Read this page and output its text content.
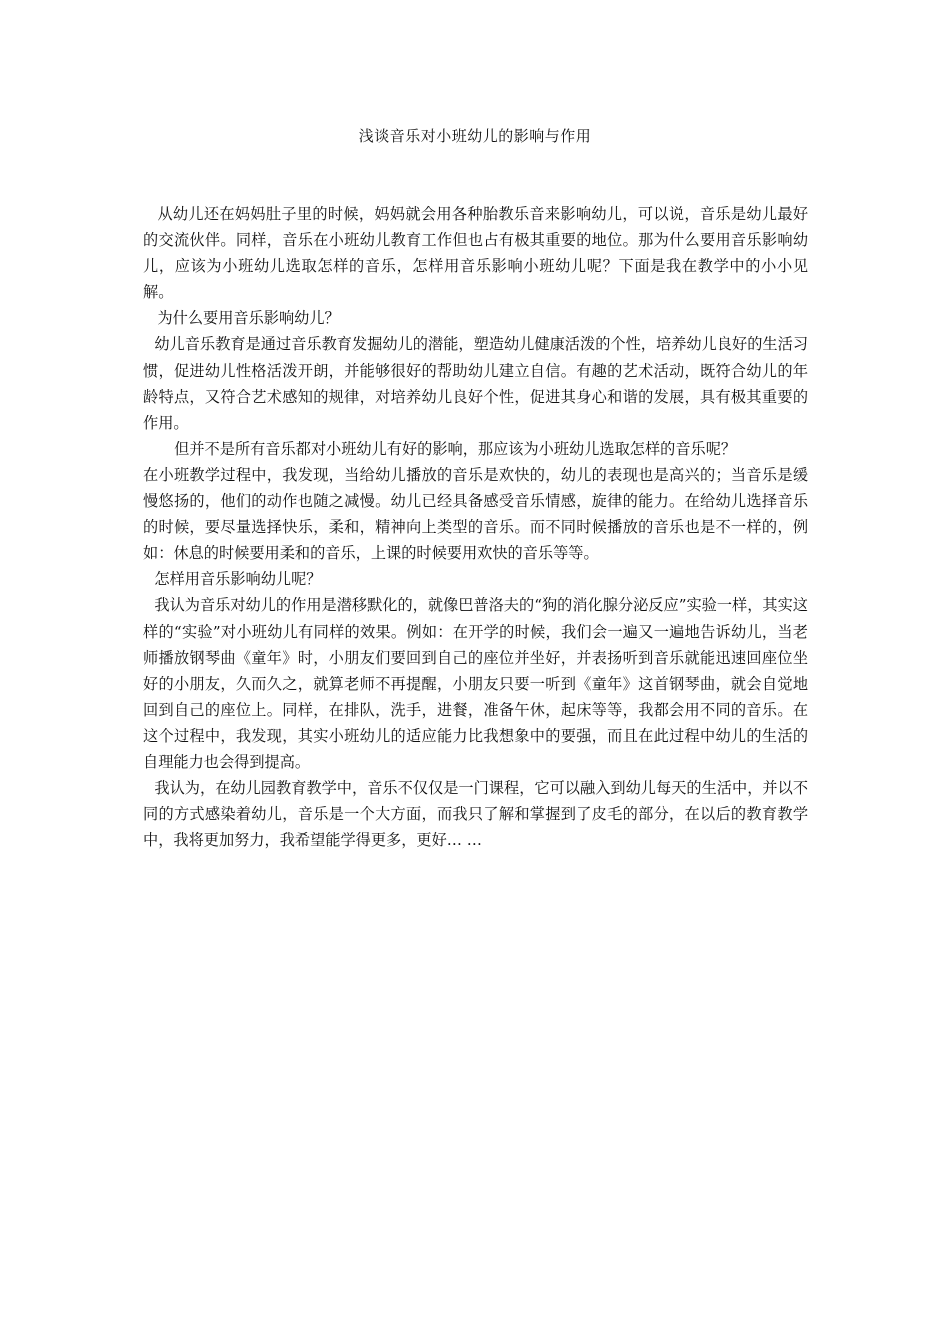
浅谈音乐对小班幼儿的影响与作用

从幼儿还在妈妈肚子里的时候，妈妈就会用各种胎教乐音来影响幼儿，可以说，音乐是幼儿最好的交流伙伴。同样，音乐在小班幼儿教育工作但也占有极其重要的地位。那为什么要用音乐影响幼儿，应该为小班幼儿选取怎样的音乐，怎样用音乐影响小班幼儿呢？下面是我在教学中的小小见解。

为什么要用音乐影响幼儿？

幼儿音乐教育是通过音乐教育发掘幼儿的潜能，塑造幼儿健康活泼的个性，培养幼儿良好的生活习惯，促进幼儿性格活泼开朗，并能够很好的帮助幼儿建立自信。有趣的艺术活动，既符合幼儿的年龄特点，又符合艺术感知的规律，对培养幼儿良好个性，促进其身心和谐的发展，具有极其重要的作用。

但并不是所有音乐都对小班幼儿有好的影响，那应该为小班幼儿选取怎样的音乐呢？

在小班教学过程中，我发现，当给幼儿播放的音乐是欢快的，幼儿的表现也是高兴的；当音乐是缓慢悠扬的，他们的动作也随之减慢。幼儿已经具备感受音乐情感，旋律的能力。在给幼儿选择音乐的时候，要尽量选择快乐，柔和，精神向上类型的音乐。而不同时候播放的音乐也是不一样的，例如：休息的时候要用柔和的音乐，上课的时候要用欢快的音乐等等。

怎样用音乐影响幼儿呢？

我认为音乐对幼儿的作用是潜移默化的，就像巴普洛夫的“狗的消化腺分泌反应”实验一样，其实这样的“实验”对小班幼儿有同样的效果。例如：在开学的时候，我们会一遍又一遍地告诉幼儿，当老师播放钢琴曲《童年》时，小朋友们要回到自己的座位并坐好，并表扬听到音乐就能迅速回座位坐好的小朋友，久而久之，就算老师不再提醒，小朋友只要一听到《童年》这首钢琴曲，就会自觉地回到自己的座位上。同样，在排队，洗手，进餐，准备午休，起床等等，我都会用不同的音乐。在这个过程中，我发现，其实小班幼儿的适应能力比我想象中的要强，而且在此过程中幼儿的生活的自理能力也会得到提高。

我认为，在幼儿园教育教学中，音乐不仅仅是一门课程，它可以融入到幼儿每天的生活中，并以不同的方式感染着幼儿，音乐是一个大方面，而我只了解和掌握到了皮毛的部分，在以后的教育教学中，我将更加努力，我希望能学得更多，更好… …
